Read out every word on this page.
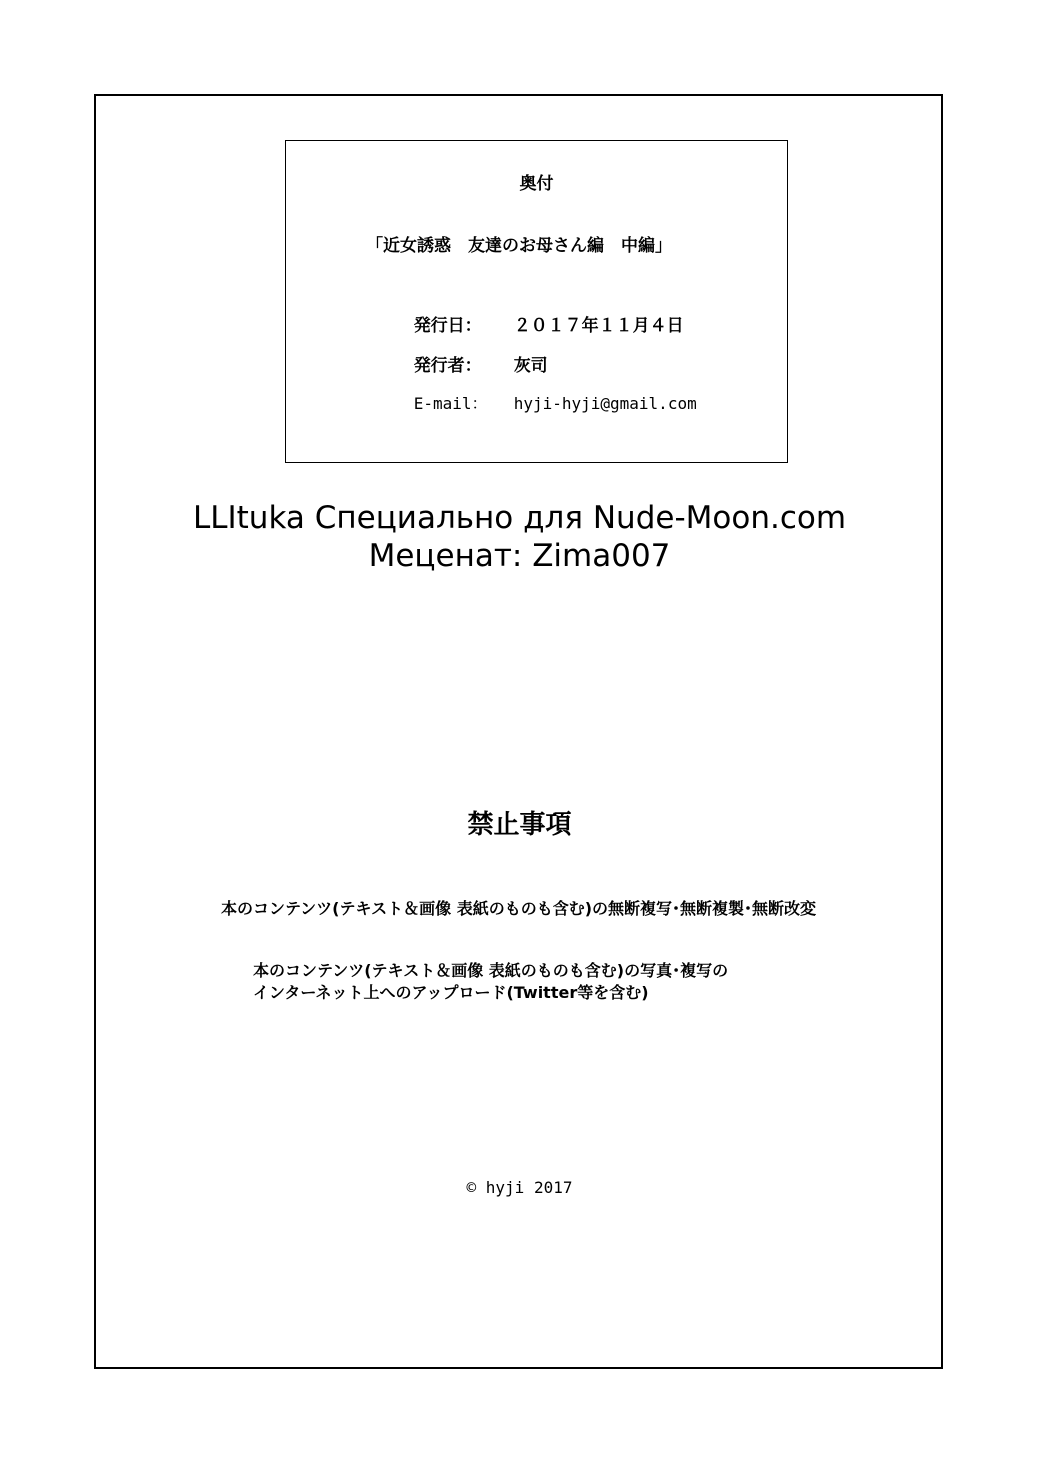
奥付
「近女誘惑　友達のお母さん編　中編」

発行日： ２０１７年１１月４日

発行者： 灰司

E-mail： hyji-hyji@gmail.com

LLItuka Специально для Nude-Moon.com
Меценат: Zima007
禁止事項
本のコンテンツ(テキスト＆画像 表紙のものも含む)の無断複写･無断複製･無断改変
本のコンテンツ(テキスト＆画像 表紙のものも含む)の写真･複写の
インターネット上へのアップロード(Twitter等を含む)
© hyji 2017
